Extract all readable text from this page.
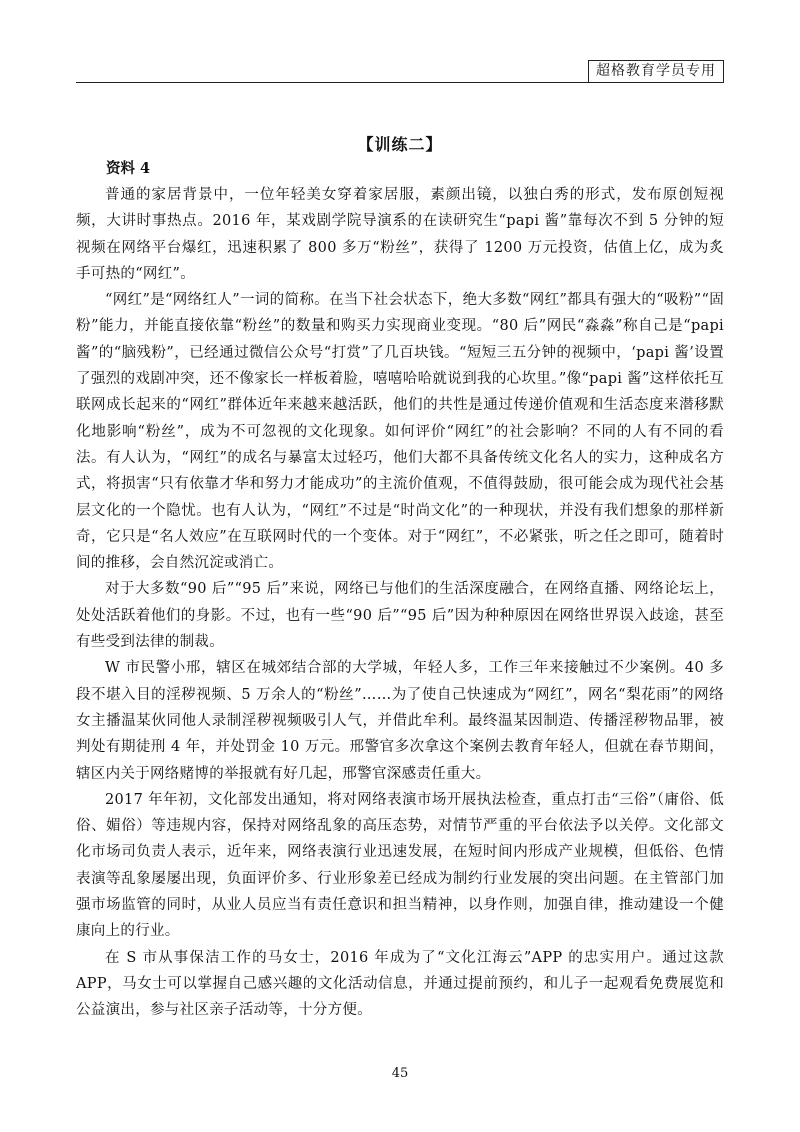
超格教育学员专用
【训练二】
资料 4

普通的家居背景中，一位年轻美女穿着家居服，素颜出镜，以独白秀的形式，发布原创短视频，大讲时事热点。2016 年，某戏剧学院导演系的在读研究生“papi 酱”靠每次不到 5 分钟的短视频在网络平台爆红，迅速积累了 800 多万“粉丝”，获得了 1200 万元投资，估值上亿，成为炙手可热的“网红”。

“网红”是“网络红人”一词的简称。在当下社会状态下，绝大多数“网红”都具有强大的“吸粉”“固粉”能力，并能直接依靠“粉丝”的数量和购买力实现商业变现。“80 后”网民“淼淼”称自己是“papi 酱”的“脑残粉”，已经通过微信公众号“打赏”了几百块钱。“短短三五分钟的视频中，‘papi 酱’设置了强烈的戏剧冲突，还不像家长一样板着脸，嘻嘻哈哈就说到我的心坎里。”像“papi 酱”这样依托互联网成长起来的“网红”群体近年来越来越活跃，他们的共性是通过传递价值观和生活态度来潜移默化地影响“粉丝”，成为不可忽视的文化现象。如何评价“网红”的社会影响？不同的人有不同的看法。有人认为，“网红”的成名与暴富太过轻巧，他们大都不具备传统文化名人的实力，这种成名方式，将损害“只有依靠才华和努力才能成功”的主流价值观，不值得鼓励，很可能会成为现代社会基层文化的一个隐忧。也有人认为，“网红”不过是“时尚文化”的一种现状，并没有我们想象的那样新奇，它只是“名人效应”在互联网时代的一个变体。对于“网红”，不必紧张，听之任之即可，随着时间的推移，会自然沉淀或消亡。

对于大多数“90 后”“95 后”来说，网络已与他们的生活深度融合，在网络直播、网络论坛上，处处活跃着他们的身影。不过，也有一些“90 后”“95 后”因为种种原因在网络世界误入歧途，甚至有些受到法律的制裁。

W 市民警小邢，辖区在城郊结合部的大学城，年轻人多，工作三年来接触过不少案例。40 多段不堪入目的淫秽视频、5 万余人的“粉丝”……为了使自己快速成为“网红”，网名“梨花雨”的网络女主播温某伙同他人录制淫秽视频吸引人气，并借此牟利。最终温某因制造、传播淫秽物品罪，被判处有期徒刑 4 年，并处罚金 10 万元。邢警官多次拿这个案例去教育年轻人，但就在春节期间，辖区内关于网络赌博的举报就有好几起，邢警官深感责任重大。

2017 年年初，文化部发出通知，将对网络表演市场开展执法检查，重点打击“三俗”（庸俗、低俗、媚俗）等违规内容，保持对网络乱象的高压态势，对情节严重的平台依法予以关停。文化部文化市场司负责人表示，近年来，网络表演行业迅速发展，在短时间内形成产业规模，但低俗、色情表演等乱象屡屡出现，负面评价多、行业形象差已经成为制约行业发展的突出问题。在主管部门加强市场监管的同时，从业人员应当有责任意识和担当精神，以身作则，加强自律，推动建设一个健康向上的行业。

在 S 市从事保洁工作的马女士，2016 年成为了“文化江海云”APP 的忠实用户。通过这款 APP，马女士可以掌握自己感兴趣的文化活动信息，并通过提前预约，和儿子一起观看免费展览和公益演出，参与社区亲子活动等，十分方便。

45
